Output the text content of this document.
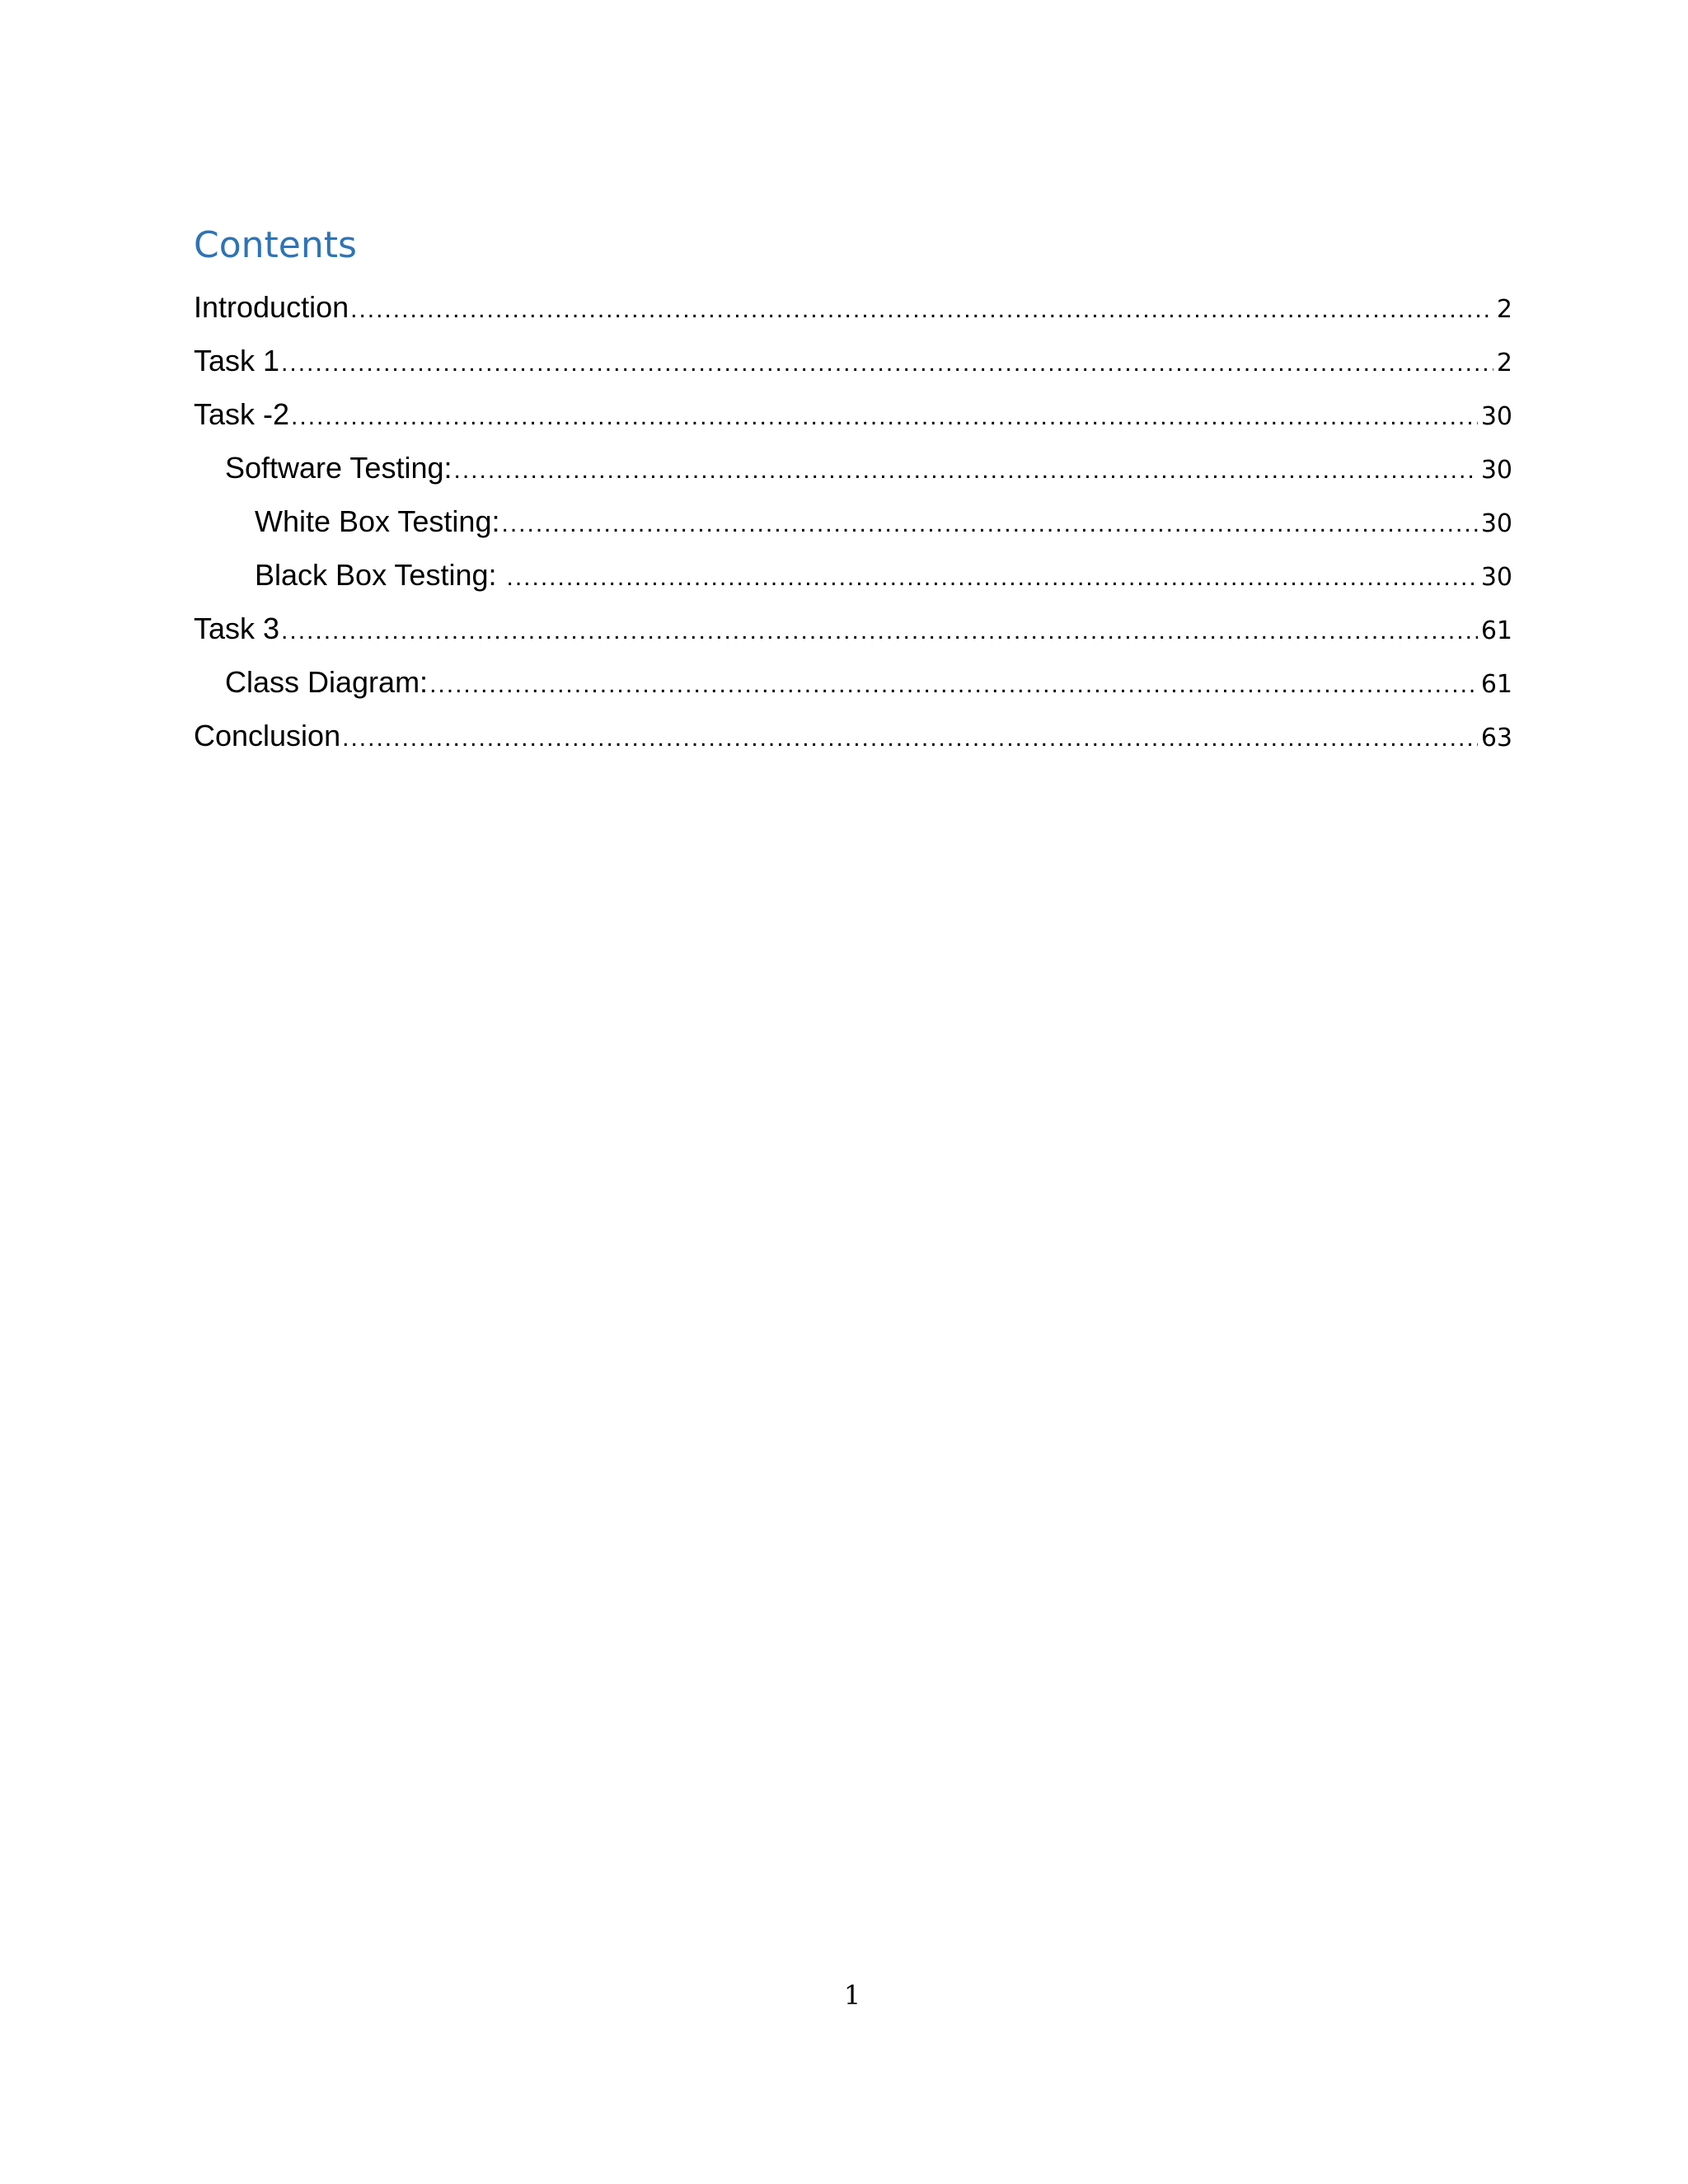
Contents
Introduction .....	2
Task 1 .....	2
Task -2 .....	30
Software Testing: .....	30
White Box Testing: .....	30
Black Box Testing: .....	30
Task 3 .....	61
Class Diagram: .....	61
Conclusion .....	63
1
